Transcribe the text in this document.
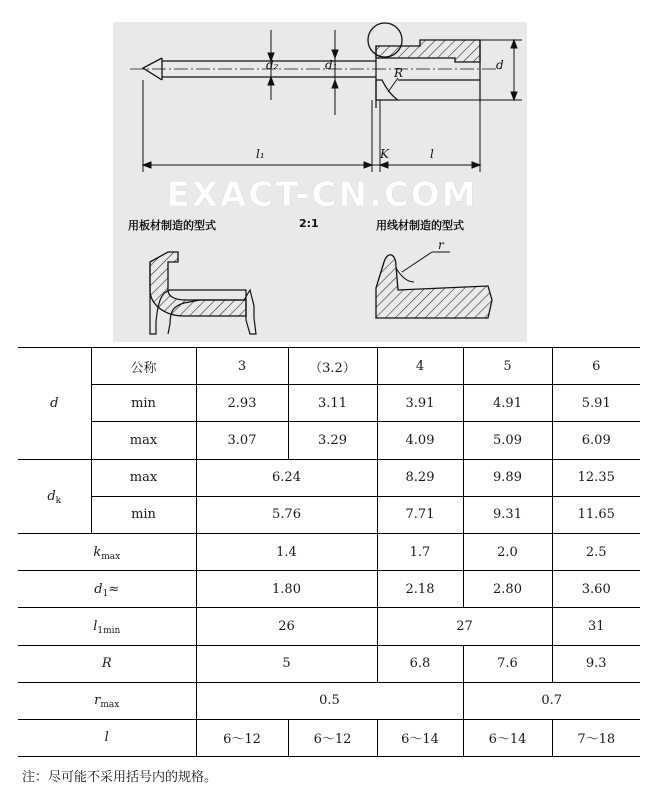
EXACT-CN.COM
d₂	d₁	d
R
l₁	K	l
r
用板材制造的型式	2:1	用线材制造的型式
d	公称	3	（3.2）	4	5	6
	min	2.93	3.11	3.91	4.91	5.91
	max	3.07	3.29	4.09	5.09	6.09
$d_k$	max	6.24		8.29	9.89	12.35
	min	5.76		7.71	9.31	11.65
$k_{max}$		1.4		1.7	2.0	2.5
$d_1\approx$		1.80		2.18	2.80	3.60
$l_{1min}$		26		27		31
R		5		6.8	7.6	9.3
$r_{max}$		0.5			0.7	
l		6～12	6～12	6～14	6～14	7～18
注：尽可能不采用括号内的规格。
